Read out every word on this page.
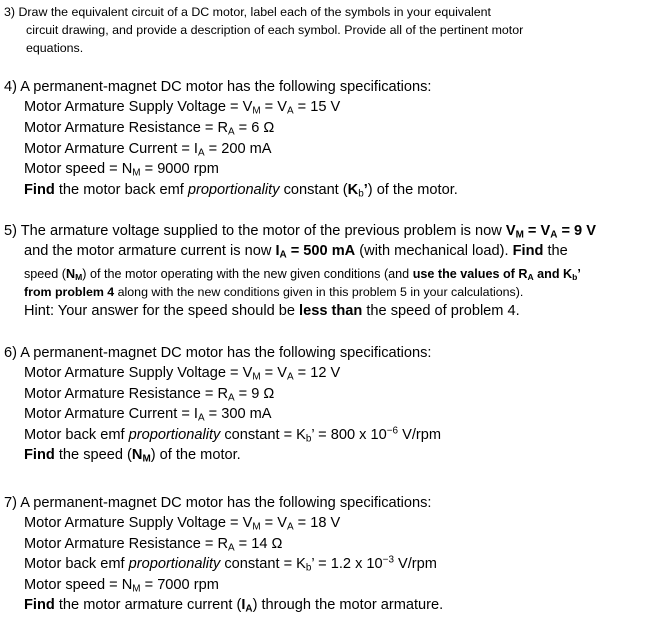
3) Draw the equivalent circuit of a DC motor, label each of the symbols in your equivalent
circuit drawing, and provide a description of each symbol. Provide all of the pertinent motor
equations.
4) A permanent-magnet DC motor has the following specifications:
Motor Armature Supply Voltage = $V_M = V_A = 15$ V
Motor Armature Resistance = $R_A = 6$ Ω
Motor Armature Current = $I_A = 200$ mA
Motor speed = $N_M = 9000$ rpm
Find the motor back emf proportionality constant $(K_b’)$ of the motor.
5) The armature voltage supplied to the motor of the previous problem is now $V_M = V_A = 9$ V
and the motor armature current is now $I_A = 500$ mA (with mechanical load). Find the
speed $(N_M)$ of the motor operating with the new given conditions (and use the values of $R_A$ and $K_b$’
from problem 4 along with the new conditions given in this problem 5 in your calculations).
Hint: Your answer for the speed should be less than the speed of problem 4.
6) A permanent-magnet DC motor has the following specifications:
Motor Armature Supply Voltage = $V_M = V_A = 12$ V
Motor Armature Resistance = $R_A = 9$ Ω
Motor Armature Current = $I_A = 300$ mA
Motor back emf proportionality constant = $K_b$’ = 800 x $10^{-6}$ V/rpm
Find the speed $(N_M)$ of the motor.
7) A permanent-magnet DC motor has the following specifications:
Motor Armature Supply Voltage = $V_M = V_A = 18$ V
Motor Armature Resistance = $R_A = 14$ Ω
Motor back emf proportionality constant = $K_b$’ = 1.2 x $10^{-3}$ V/rpm
Motor speed = $N_M = 7000$ rpm
Find the motor armature current $(I_A)$ through the motor armature.
